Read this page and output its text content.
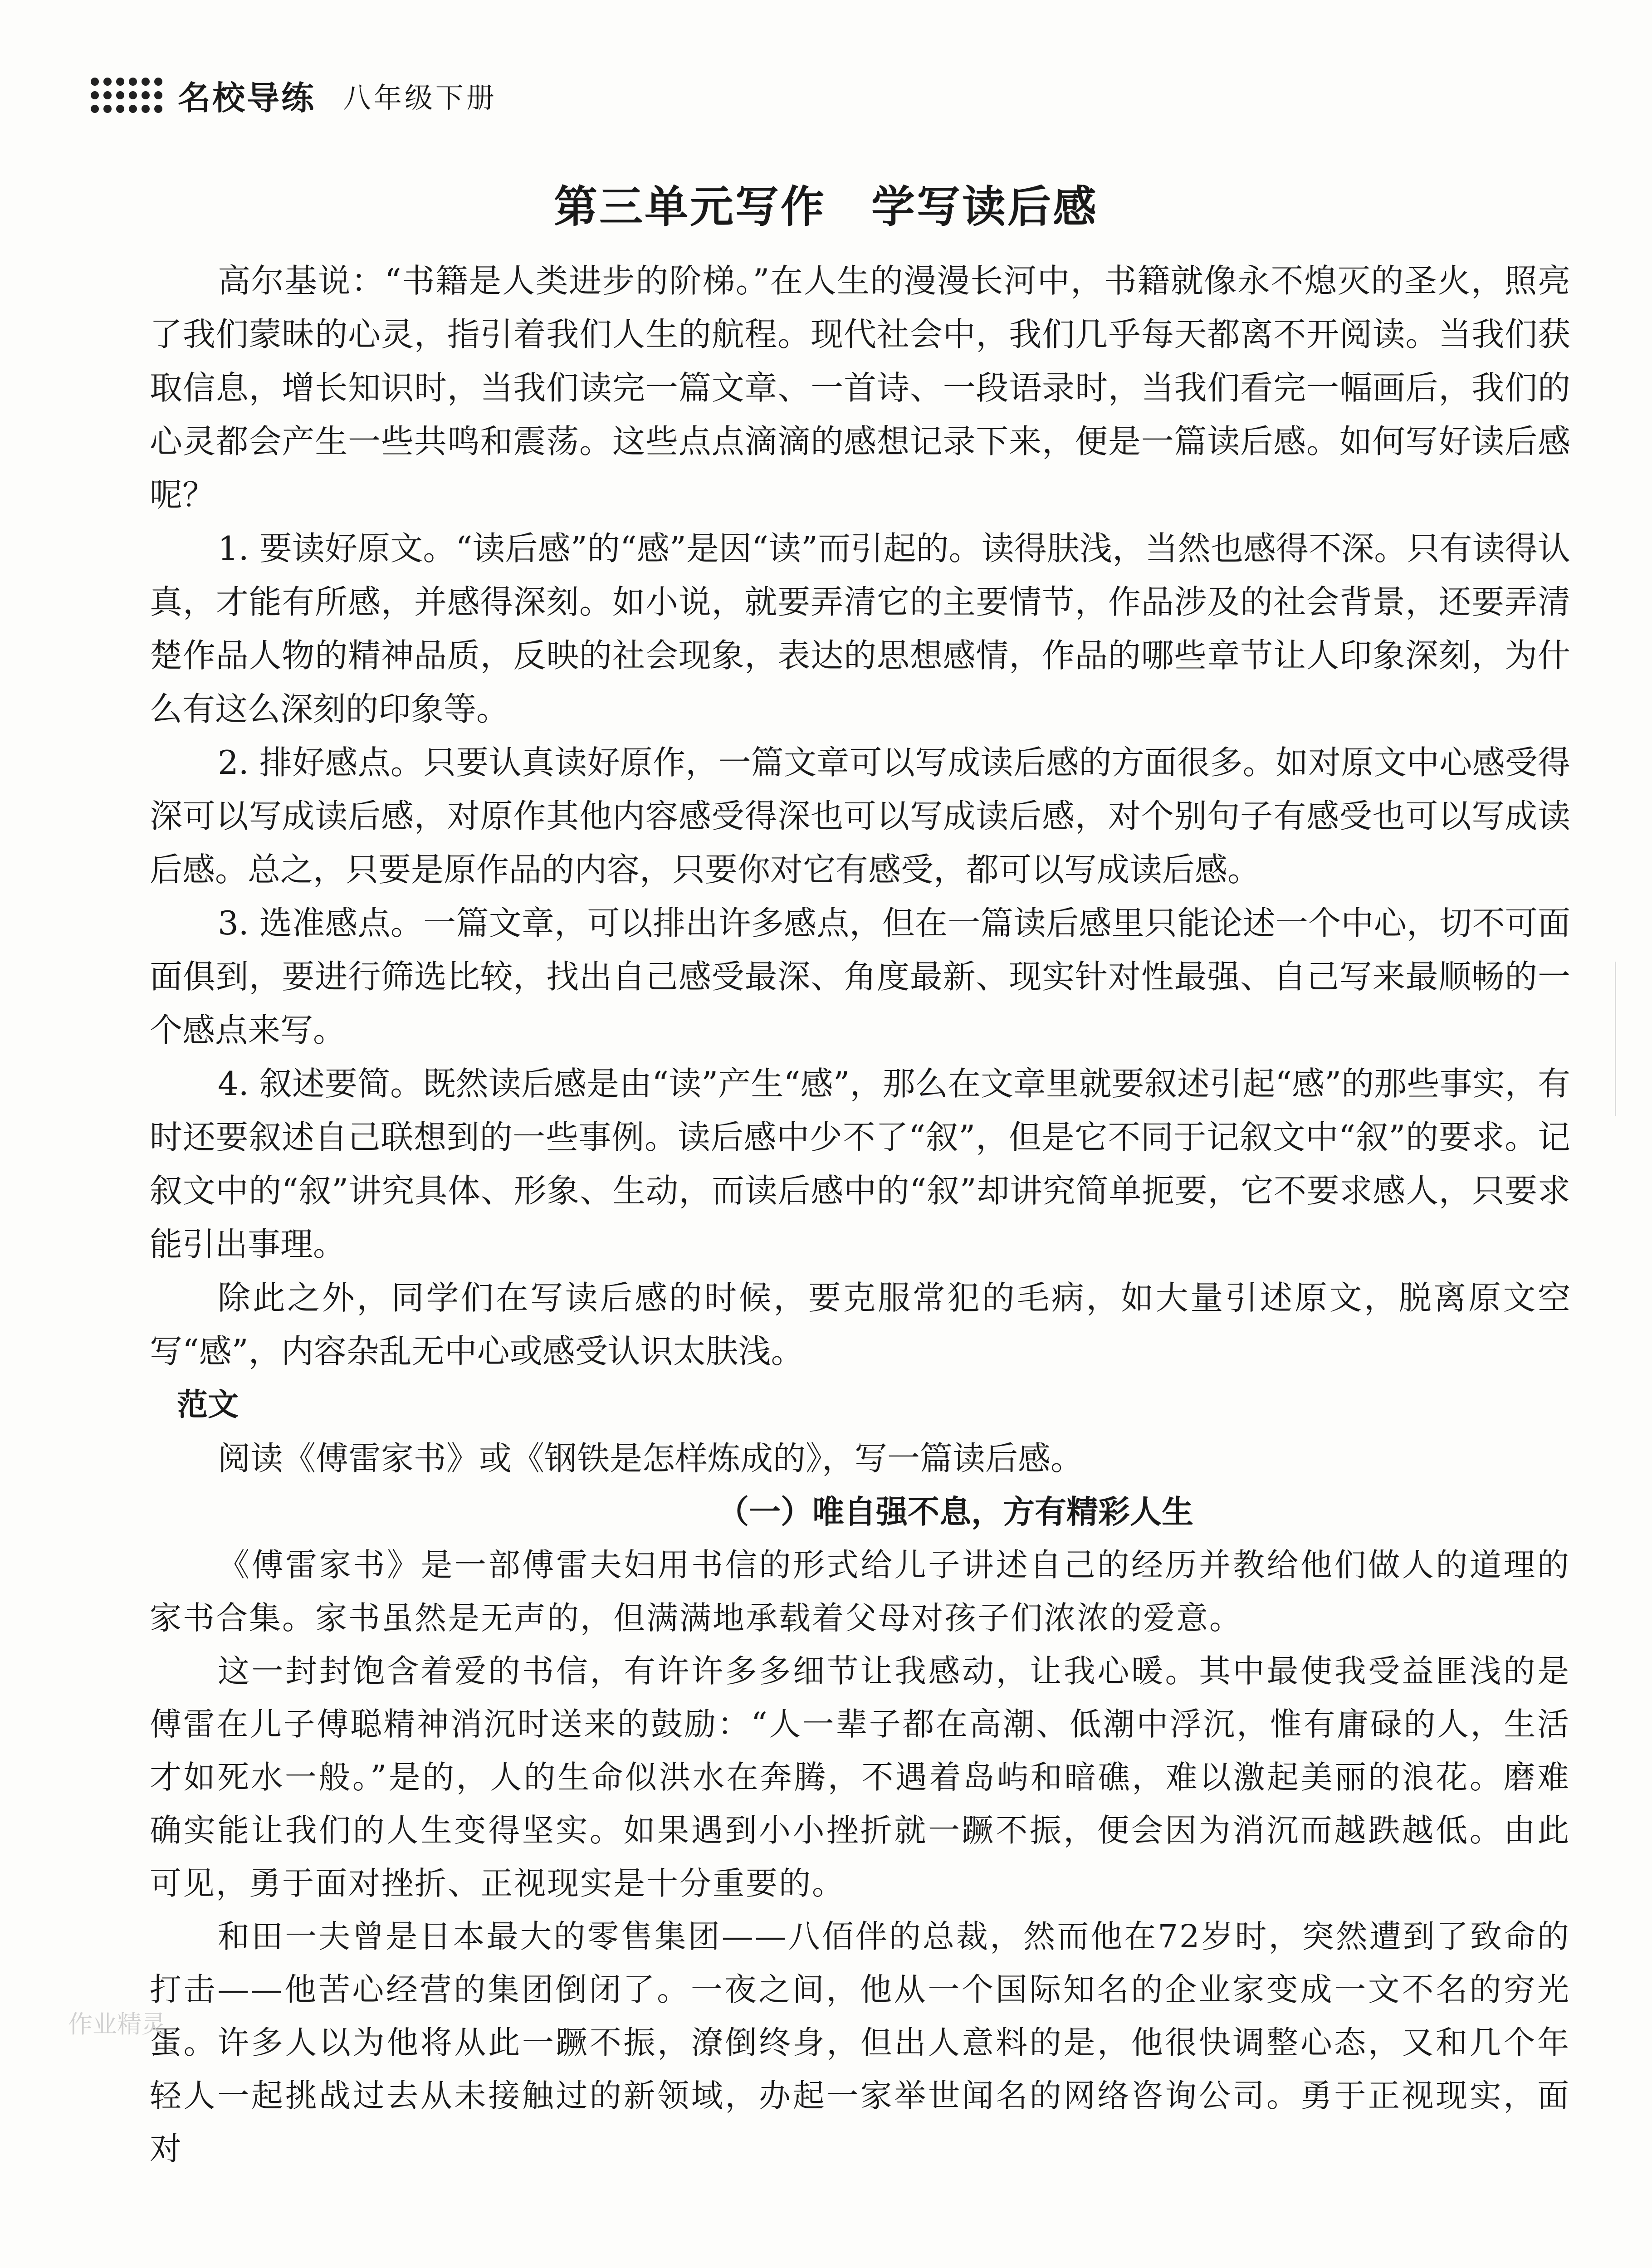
名校导练 八年级下册
第三单元写作　学写读后感

高尔基说：“书籍是人类进步的阶梯。”在人生的漫漫长河中，书籍就像永不熄灭的圣火，照亮了我们蒙昧的心灵，指引着我们人生的航程。现代社会中，我们几乎每天都离不开阅读。当我们获取信息，增长知识时，当我们读完一篇文章、一首诗、一段语录时，当我们看完一幅画后，我们的心灵都会产生一些共鸣和震荡。这些点点滴滴的感想记录下来，便是一篇读后感。如何写好读后感呢？

1. 要读好原文。“读后感”的“感”是因“读”而引起的。读得肤浅，当然也感得不深。只有读得认真，才能有所感，并感得深刻。如小说，就要弄清它的主要情节，作品涉及的社会背景，还要弄清楚作品人物的精神品质，反映的社会现象，表达的思想感情，作品的哪些章节让人印象深刻，为什么有这么深刻的印象等。

2. 排好感点。只要认真读好原作，一篇文章可以写成读后感的方面很多。如对原文中心感受得深可以写成读后感，对原作其他内容感受得深也可以写成读后感，对个别句子有感受也可以写成读后感。总之，只要是原作品的内容，只要你对它有感受，都可以写成读后感。

3. 选准感点。一篇文章，可以排出许多感点，但在一篇读后感里只能论述一个中心，切不可面面俱到，要进行筛选比较，找出自己感受最深、角度最新、现实针对性最强、自己写来最顺畅的一个感点来写。

4. 叙述要简。既然读后感是由“读”产生“感”，那么在文章里就要叙述引起“感”的那些事实，有时还要叙述自己联想到的一些事例。读后感中少不了“叙”，但是它不同于记叙文中“叙”的要求。记叙文中的“叙”讲究具体、形象、生动，而读后感中的“叙”却讲究简单扼要，它不要求感人，只要求能引出事理。

除此之外，同学们在写读后感的时候，要克服常犯的毛病，如大量引述原文，脱离原文空写“感”，内容杂乱无中心或感受认识太肤浅。

范文

阅读《傅雷家书》或《钢铁是怎样炼成的》，写一篇读后感。

（一）唯自强不息，方有精彩人生

《傅雷家书》是一部傅雷夫妇用书信的形式给儿子讲述自己的经历并教给他们做人的道理的家书合集。家书虽然是无声的，但满满地承载着父母对孩子们浓浓的爱意。

这一封封饱含着爱的书信，有许许多多细节让我感动，让我心暖。其中最使我受益匪浅的是傅雷在儿子傅聪精神消沉时送来的鼓励：“人一辈子都在高潮、低潮中浮沉，惟有庸碌的人，生活才如死水一般。”是的，人的生命似洪水在奔腾，不遇着岛屿和暗礁，难以激起美丽的浪花。磨难确实能让我们的人生变得坚实。如果遇到小小挫折就一蹶不振，便会因为消沉而越跌越低。由此可见，勇于面对挫折、正视现实是十分重要的。

和田一夫曾是日本最大的零售集团——八佰伴的总裁，然而他在72岁时，突然遭到了致命的打击——他苦心经营的集团倒闭了。一夜之间，他从一个国际知名的企业家变成一文不名的穷光蛋。许多人以为他将从此一蹶不振，潦倒终身，但出人意料的是，他很快调整心态，又和几个年轻人一起挑战过去从未接触过的新领域，办起一家举世闻名的网络咨询公司。勇于正视现实，面对

作业精灵
